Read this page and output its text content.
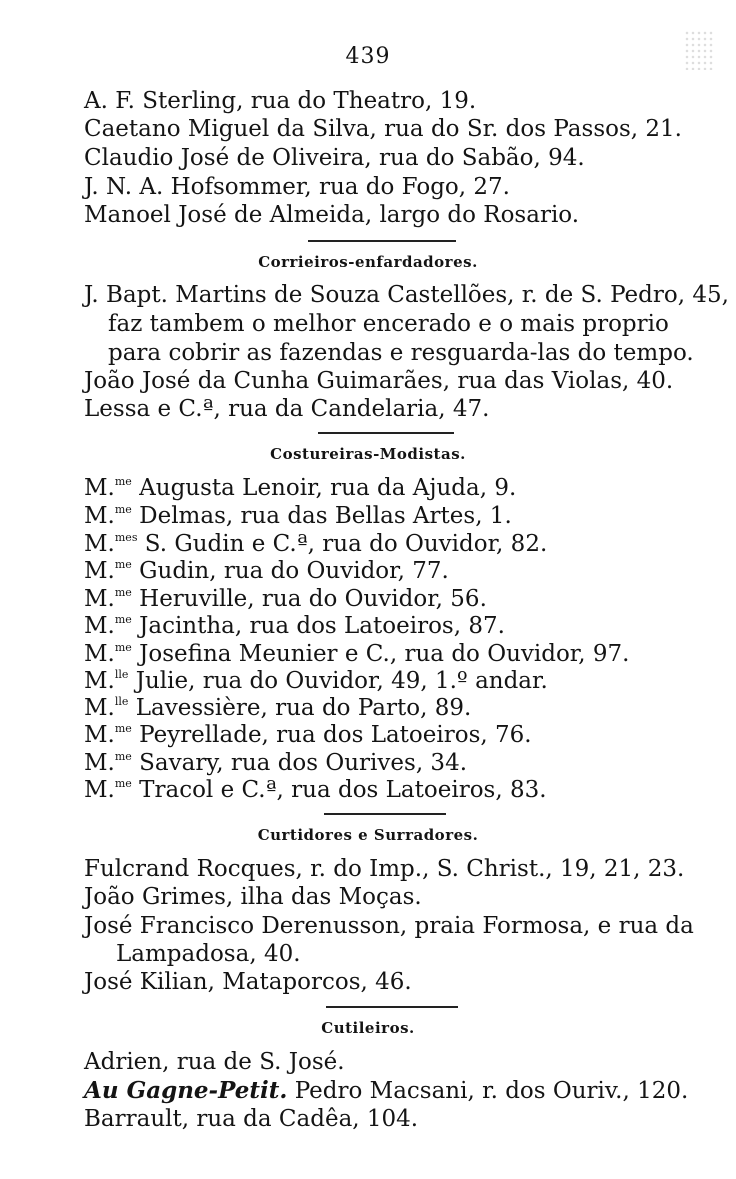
439
A. F. Sterling, rua do Theatro, 19.
Caetano Miguel da Silva, rua do Sr. dos Passos, 21.
Claudio José de Oliveira, rua do Sabão, 94.
J. N. A. Hofsommer, rua do Fogo, 27.
Manoel José de Almeida, largo do Rosario.
Corrieiros-enfardadores.
J. Bapt. Martins de Souza Castellões, r. de S. Pedro, 45,
faz tambem o melhor encerado e o mais proprio
para cobrir as fazendas e resguarda-las do tempo.
João José da Cunha Guimarães, rua das Violas, 40.
Lessa e C.ª, rua da Candelaria, 47.
Costureiras-Modistas.
M.$^{me}$ Augusta Lenoir, rua da Ajuda, 9.
M.$^{me}$ Delmas, rua das Bellas Artes, 1.
M.$^{mes}$ S. Gudin e C.ª, rua do Ouvidor, 82.
M.$^{me}$ Gudin, rua do Ouvidor, 77.
M.$^{me}$ Heruville, rua do Ouvidor, 56.
M.$^{me}$ Jacintha, rua dos Latoeiros, 87.
M.$^{me}$ Josefina Meunier e C., rua do Ouvidor, 97.
M.$^{lle}$ Julie, rua do Ouvidor, 49, 1.º andar.
M.$^{lle}$ Lavessière, rua do Parto, 89.
M.$^{me}$ Peyrellade, rua dos Latoeiros, 76.
M.$^{me}$ Savary, rua dos Ourives, 34.
M.$^{me}$ Tracol e C.ª, rua dos Latoeiros, 83.
Curtidores e Surradores.
Fulcrand Rocques, r. do Imp., S. Christ., 19, 21, 23.
João Grimes, ilha das Moças.
José Francisco Derenusson, praia Formosa, e rua da
Lampadosa, 40.
José Kilian, Mataporcos, 46.
Cutileiros.
Adrien, rua de S. José.
Au Gagne-Petit. Pedro Macsani, r. dos Ouriv., 120.
Barrault, rua da Cadêa, 104.
